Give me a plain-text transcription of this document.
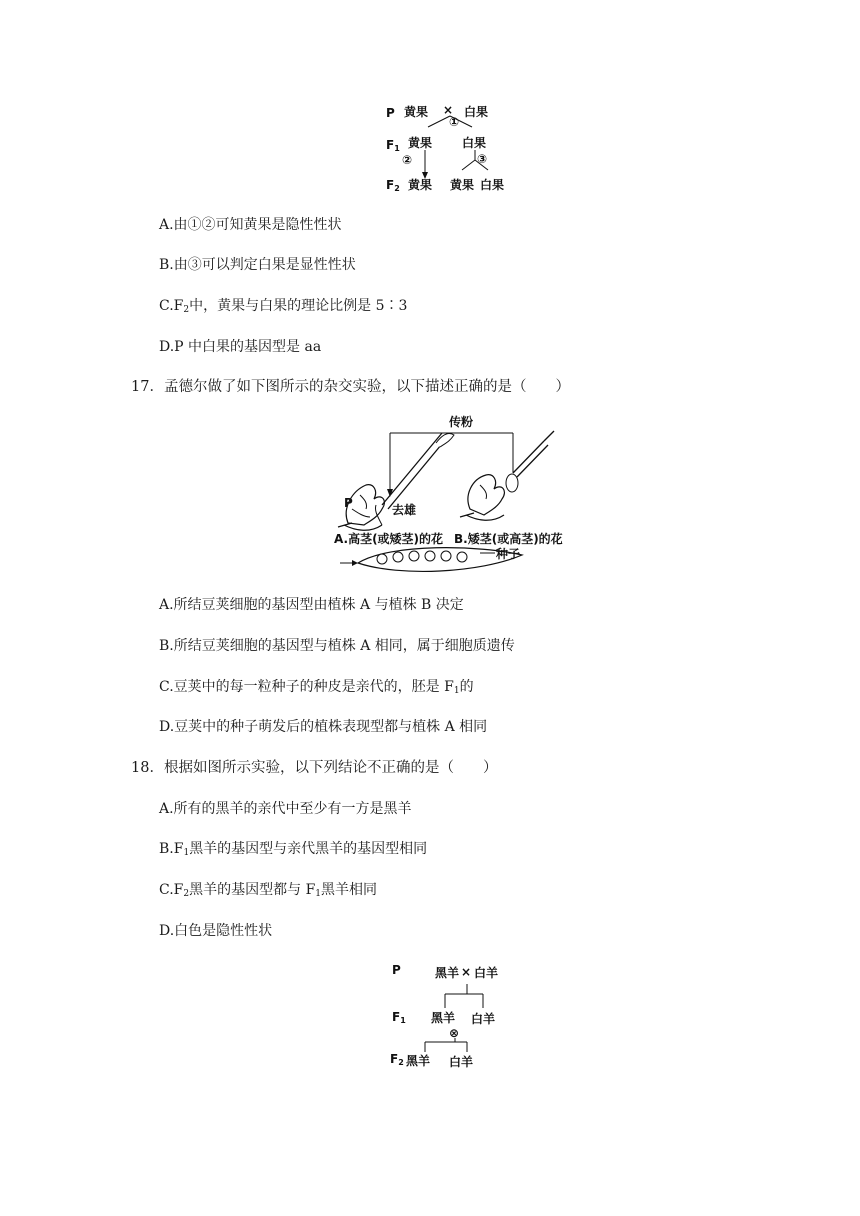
P
$F_1$
$F_2$
黄果 × 白果
①
黄果 白果
②	③
黄果 黄果 白果
A.由①②可知黄果是隐性性状
B.由③可以判定白果是显性性状
$C.F_2$中，黄果与白果的理论比例是 5∶3
D.P 中白果的基因型是 aa
17．孟德尔做了如下图所示的杂交实验，以下描述正确的是（　　）
传粉
P	去雄
A.高茎(或矮茎)的花 B.矮茎(或高茎)的花
种子
A.所结豆荚细胞的基因型由植株 A 与植株 B 决定
B.所结豆荚细胞的基因型与植株 A 相同，属于细胞质遗传
C.豆荚中的每一粒种子的种皮是亲代的，胚是 $F_1$的
D.豆荚中的种子萌发后的植株表现型都与植株 A 相同
18．根据如图所示实验，以下列结论不正确的是（　　）
A.所有的黑羊的亲代中至少有一方是黑羊
$B.F_1$黑羊的基因型与亲代黑羊的基因型相同
$C.F_2$黑羊的基因型都与 $F_1$黑羊相同
D.白色是隐性性状
P
$F_1$
$F_2$
黑羊 × 白羊
黑羊 白羊
⊗
黑羊 白羊
